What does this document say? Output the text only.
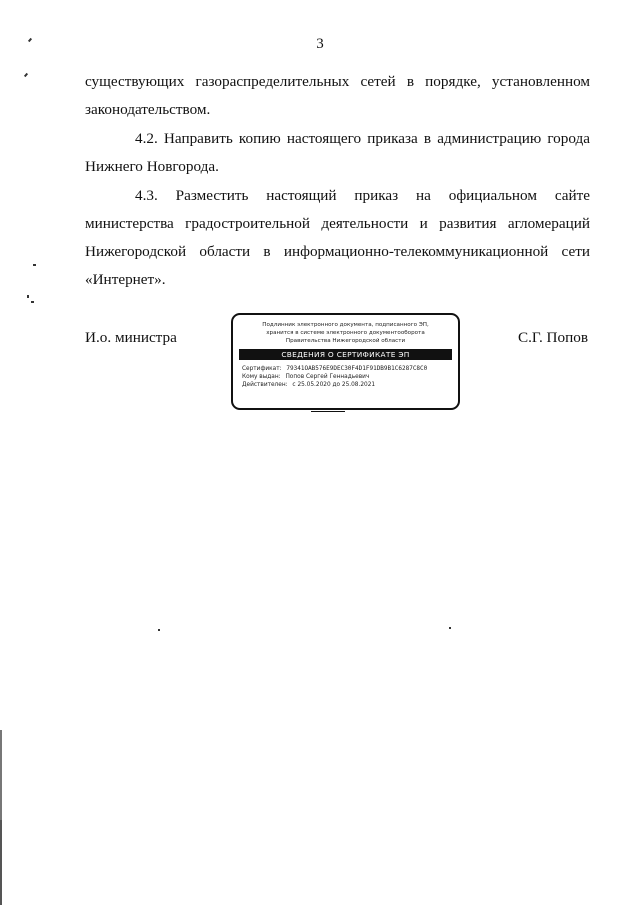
3

существующих газораспределительных сетей в порядке, установленном законодательством.

4.2. Направить копию настоящего приказа в администрацию города Нижнего Новгорода.

4.3. Разместить настоящий приказ на официальном сайте министерства градостроительной деятельности и развития агломераций Нижегородской области в информационно-телекоммуникационной сети «Интернет».

И.о. министра
Подлинник электронного документа, подписанного ЭП,
хранится в системе электронного документооборота
Правительства Нижегородской области
СВЕДЕНИЯ О СЕРТИФИКАТЕ ЭП
Сертификат: 79341OAB576E9DEC30F4D1F91DB9B1C6287C8C0
Кому выдан: Попов Сергей Геннадьевич
Действителен: с 25.05.2020 до 25.08.2021
С.Г. Попов
